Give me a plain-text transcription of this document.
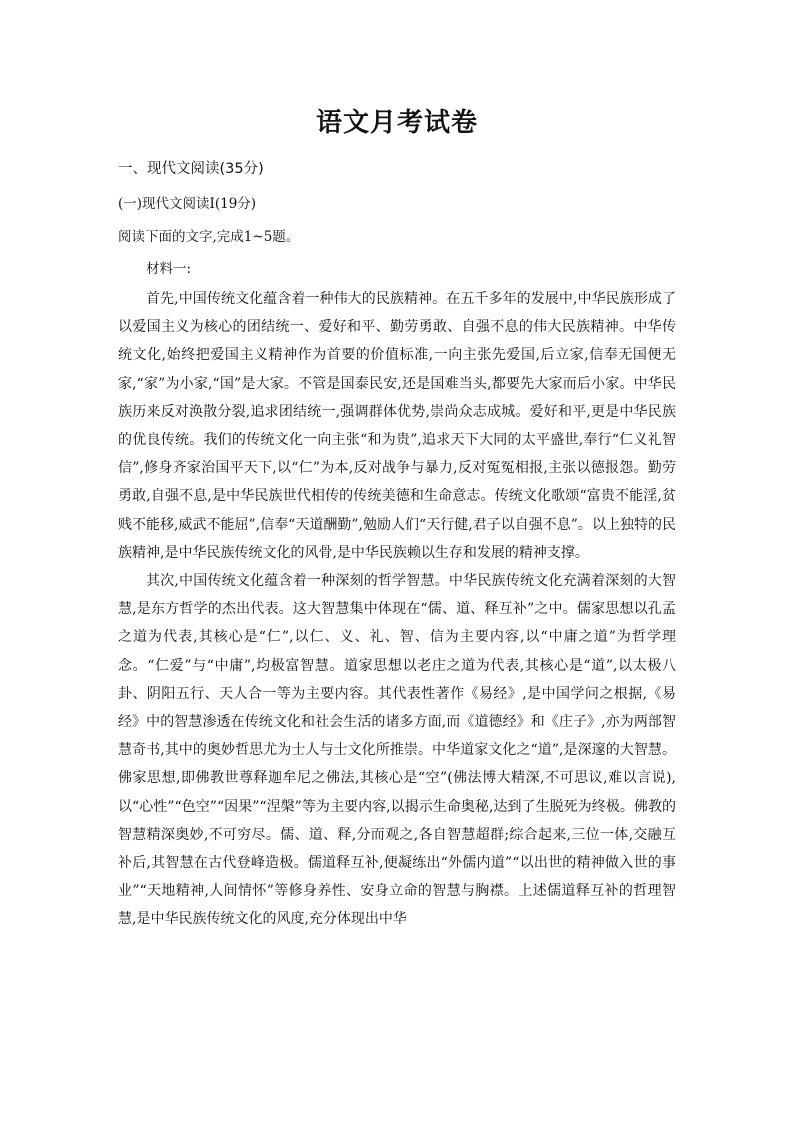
语文月考试卷
一、现代文阅读(35分)
(一)现代文阅读Ⅰ(19分)
阅读下面的文字,完成1~5题。
材料一:

首先,中国传统文化蕴含着一种伟大的民族精神。在五千多年的发展中,中华民族形成了以爱国主义为核心的团结统一、爱好和平、勤劳勇敢、自强不息的伟大民族精神。中华传统文化,始终把爱国主义精神作为首要的价值标准,一向主张先爱国,后立家,信奉无国便无家,“家”为小家,“国”是大家。不管是国泰民安,还是国难当头,都要先大家而后小家。中华民族历来反对涣散分裂,追求团结统一,强调群体优势,崇尚众志成城。爱好和平,更是中华民族的优良传统。我们的传统文化一向主张“和为贵”,追求天下大同的太平盛世,奉行“仁义礼智信”,修身齐家治国平天下,以“仁”为本,反对战争与暴力,反对冤冤相报,主张以德报怨。勤劳勇敢,自强不息,是中华民族世代相传的传统美德和生命意志。传统文化歌颂“富贵不能淫,贫贱不能移,威武不能屈”,信奉“天道酬勤”,勉励人们“天行健,君子以自强不息”。以上独特的民族精神,是中华民族传统文化的风骨,是中华民族赖以生存和发展的精神支撑。

其次,中国传统文化蕴含着一种深刻的哲学智慧。中华民族传统文化充满着深刻的大智慧,是东方哲学的杰出代表。这大智慧集中体现在“儒、道、释互补”之中。儒家思想以孔孟之道为代表,其核心是“仁”,以仁、义、礼、智、信为主要内容,以“中庸之道”为哲学理念。“仁爱”与“中庸”,均极富智慧。道家思想以老庄之道为代表,其核心是“道”,以太极八卦、阴阳五行、天人合一等为主要内容。其代表性著作《易经》,是中国学问之根据,《易经》中的智慧渗透在传统文化和社会生活的诸多方面,而《道德经》和《庄子》,亦为两部智慧奇书,其中的奥妙哲思尤为士人与士文化所推崇。中华道家文化之“道”,是深邃的大智慧。佛家思想,即佛教世尊释迦牟尼之佛法,其核心是“空”(佛法博大精深,不可思议,难以言说),以“心性”“色空”“因果”“涅槃”等为主要内容,以揭示生命奥秘,达到了生脱死为终极。佛教的智慧精深奥妙,不可穷尽。儒、道、释,分而观之,各自智慧超群;综合起来,三位一体,交融互补后,其智慧在古代登峰造极。儒道释互补,便凝练出“外儒内道”“以出世的精神做入世的事业”“天地精神,人间情怀”等修身养性、安身立命的智慧与胸襟。上述儒道释互补的哲理智慧,是中华民族传统文化的风度,充分体现出中华
